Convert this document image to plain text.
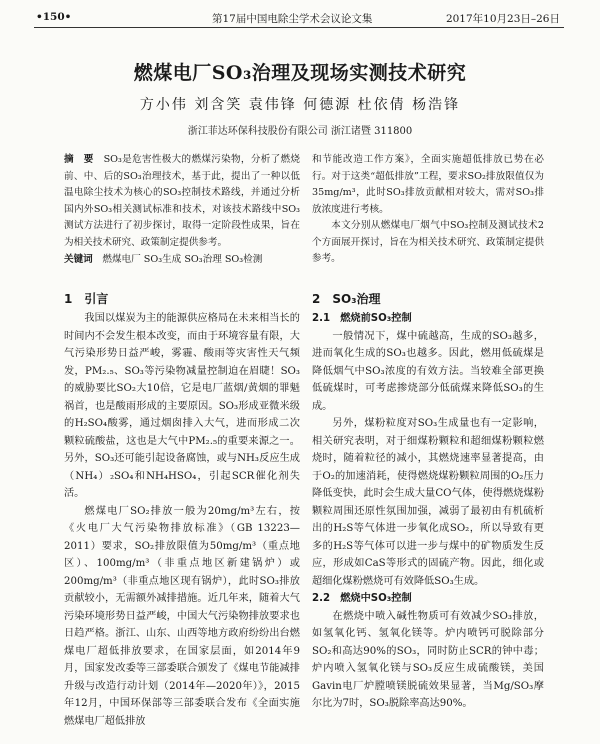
•150•	第17届中国电除尘学术会议论文集	2017年10月23日–26日
燃煤电厂SO₃治理及现场实测技术研究
方小伟 刘含笑 袁伟锋 何德源 杜依倩 杨浩锋
浙江菲达环保科技股份有限公司 浙江诸暨 311800
摘　要　 SO₃是危害性极大的燃煤污染物，分析了燃烧前、中、后的SO₃治理技术，基于此，提出了一种以低温电除尘技术为核心的SO₃控制技术路线，并通过分析国内外SO₃相关测试标准和技术，对该技术路线中SO₃测试方法进行了初步探讨，取得一定阶段性成果，旨在为相关技术研究、政策制定提供参考。
关键词　 燃煤电厂 SO₃生成 SO₃治理 SO₃检测

和节能改造工作方案》，全面实施超低排放已势在必行。对于这类“超低排放”工程，要求SO₂排放限值仅为35mg/m³，此时SO₃排放贡献相对较大，需对SO₃排放浓度进行考核。

本文分别从燃煤电厂烟气中SO₃控制及测试技术2个方面展开探讨，旨在为相关技术研究、政策制定提供参考。

1　引言	2　SO₃治理

我国以煤炭为主的能源供应格局在未来相当长的时间内不会发生根本改变，而由于环境容量有限，大气污染形势日益严峻，雾霾、酸雨等灾害性天气频发，PM₂.₅、SO₃等污染物减量控制迫在眉睫！SO₃的威胁要比SO₂大10倍，它是电厂蓝烟/黄烟的罪魁祸首，也是酸雨形成的主要原因。SO₃形成亚微米级的H₂SO₄酸雾，通过烟囱排入大气，进而形成二次颗粒硫酸盐，这也是大气中PM₂.₅的重要来源之一。另外，SO₃还可能引起设备腐蚀，或与NH₃反应生成（NH₄）₂SO₄和NH₄HSO₄，引起SCR催化剂失活。

燃煤电厂SO₂排放一般为20mg/m³左右，按《火电厂大气污染物排放标准》（GB 13223—2011）要求，SO₂排放限值为50mg/m³（重点地区）、100mg/m³（非重点地区新建锅炉）或200mg/m³（非重点地区现有锅炉），此时SO₃排放贡献较小，无需额外减排措施。近几年来，随着大气污染环境形势日益严峻，中国大气污染物排放要求也日趋严格。浙江、山东、山西等地方政府纷纷出台燃煤电厂超低排放要求，在国家层面，如2014年9月，国家发改委等三部委联合颁发了《煤电节能减排升级与改造行动计划（2014年—2020年）》，2015年12月，中国环保部等三部委联合发布《全面实施燃煤电厂超低排放

2.1　燃烧前SO₃控制

一般情况下，煤中硫越高，生成的SO₃越多，进而氧化生成的SO₃也越多。因此，燃用低硫煤是降低烟气中SO₃浓度的有效方法。当较难全部更换低硫煤时，可考虑掺烧部分低硫煤来降低SO₃的生成。

另外，煤粉粒度对SO₃生成量也有一定影响，相关研究表明，对于细煤粉颗粒和超细煤粉颗粒燃烧时，随着粒径的减小，其燃烧速率显著提高，由于O₂的加速消耗，使得燃烧煤粉颗粒周围的O₂压力降低变快，此时会生成大量CO气体，使得燃烧煤粉颗粒周围还原性氛围加强，减弱了最初由有机硫析出的H₂S等气体进一步氧化成SO₂，所以导致有更多的H₂S等气体可以进一步与煤中的矿物质发生反应，形成如CaS等形式的固硫产物。因此，细化或超细化煤粉燃烧可有效降低SO₃生成。

2.2　燃烧中SO₃控制

在燃烧中喷入碱性物质可有效减少SO₃排放，如氢氧化钙、氢氧化镁等。炉内喷钙可脱除部分SO₂和高达90%的SO₃，同时防止SCR的钟中毒；炉内喷入氢氧化镁与SO₃反应生成硫酸镁，美国Gavin电厂炉膛喷镁脱硫效果显著，当Mg/SO₃摩尔比为7时，SO₃脱除率高达90%。
